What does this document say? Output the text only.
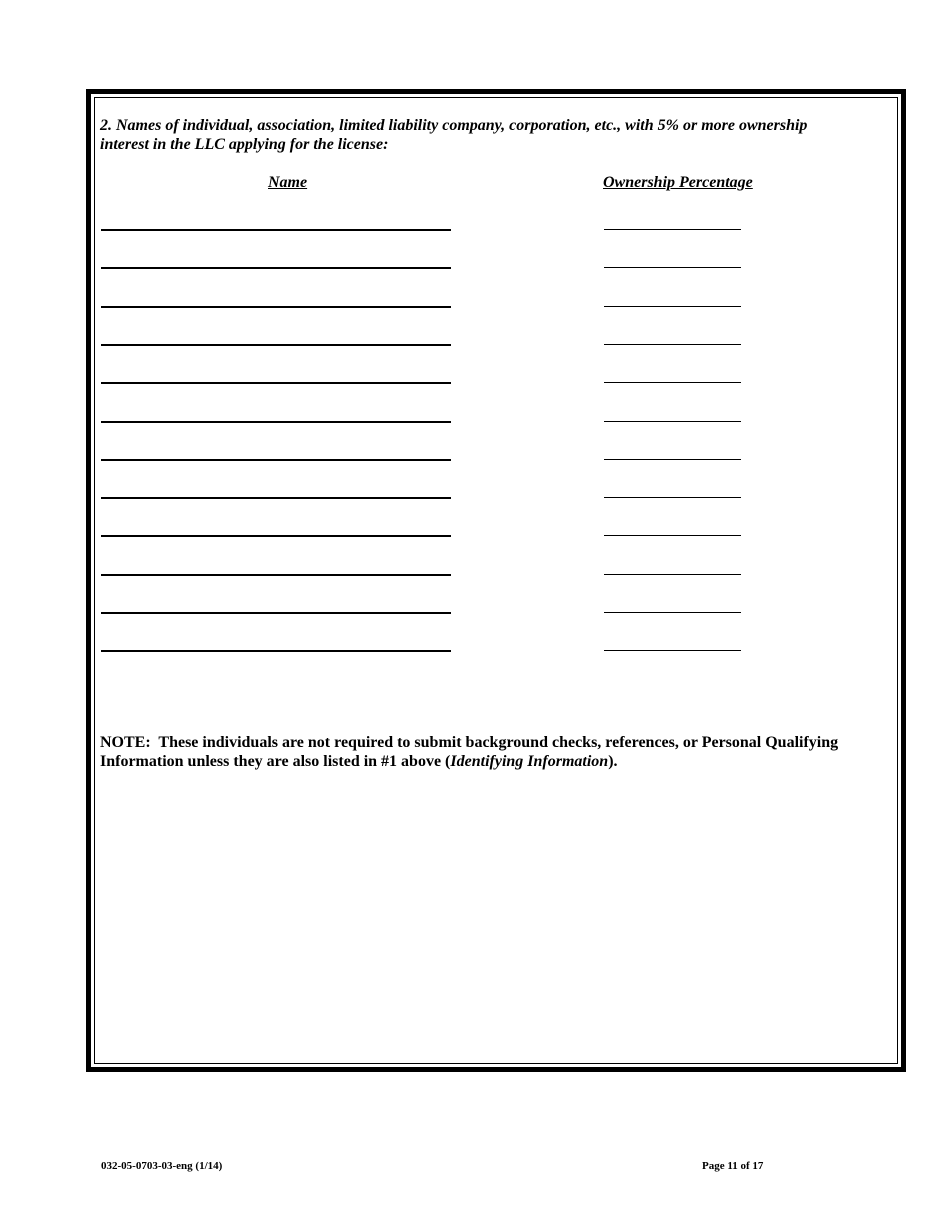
2. Names of individual, association, limited liability company, corporation, etc., with 5% or more ownership interest in the LLC applying for the license:
Name	Ownership Percentage
NOTE: These individuals are not required to submit background checks, references, or Personal Qualifying Information unless they are also listed in #1 above (Identifying Information).
032-05-0703-03-eng (1/14)	Page 11 of 17
